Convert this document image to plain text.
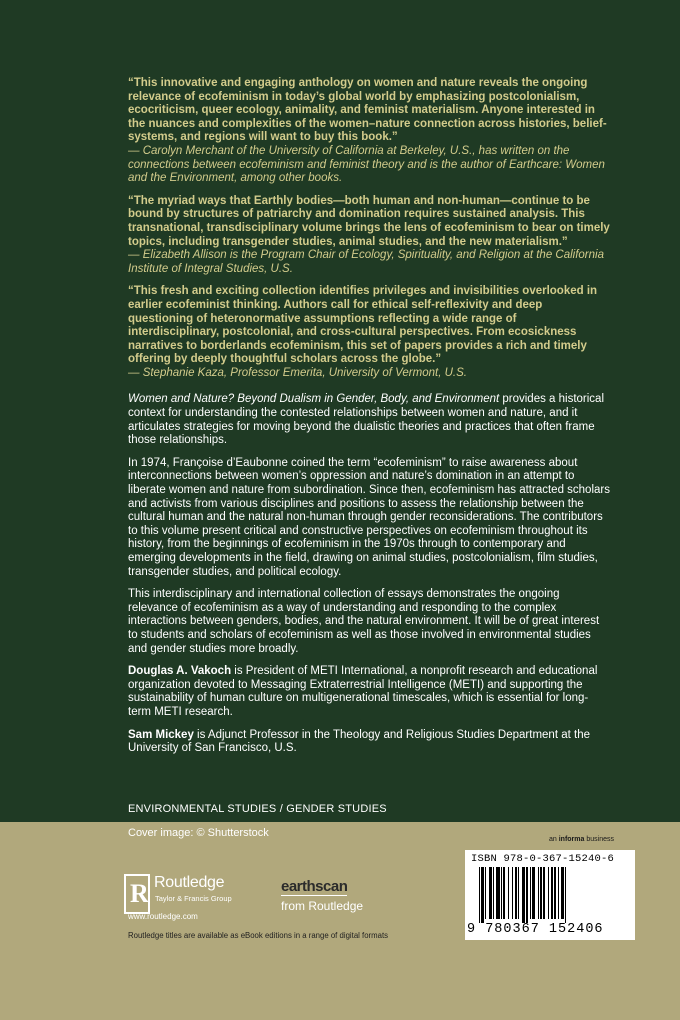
“This innovative and engaging anthology on women and nature reveals the ongoing relevance of ecofeminism in today’s global world by emphasizing postcolonialism, ecocriticism, queer ecology, animality, and feminist materialism. Anyone interested in the nuances and complexities of the women–nature connection across histories, belief-systems, and regions will want to buy this book.”
— Carolyn Merchant of the University of California at Berkeley, U.S., has written on the connections between ecofeminism and feminist theory and is the author of Earthcare: Women and the Environment, among other books.
“The myriad ways that Earthly bodies—both human and non-human—continue to be bound by structures of patriarchy and domination requires sustained analysis. This transnational, transdisciplinary volume brings the lens of ecofeminism to bear on timely topics, including transgender studies, animal studies, and the new materialism.”
— Elizabeth Allison is the Program Chair of Ecology, Spirituality, and Religion at the California Institute of Integral Studies, U.S.
“This fresh and exciting collection identifies privileges and invisibilities overlooked in earlier ecofeminist thinking. Authors call for ethical self-reflexivity and deep questioning of heteronormative assumptions reflecting a wide range of interdisciplinary, postcolonial, and cross-cultural perspectives. From ecosickness narratives to borderlands ecofeminism, this set of papers provides a rich and timely offering by deeply thoughtful scholars across the globe.”
— Stephanie Kaza, Professor Emerita, University of Vermont, U.S.

Women and Nature? Beyond Dualism in Gender, Body, and Environment provides a historical context for understanding the contested relationships between women and nature, and it articulates strategies for moving beyond the dualistic theories and practices that often frame those relationships.

In 1974, Françoise d’Eaubonne coined the term “ecofeminism” to raise awareness about interconnections between women’s oppression and nature’s domination in an attempt to liberate women and nature from subordination. Since then, ecofeminism has attracted scholars and activists from various disciplines and positions to assess the relationship between the cultural human and the natural non-human through gender reconsiderations. The contributors to this volume present critical and constructive perspectives on ecofeminism throughout its history, from the beginnings of ecofeminism in the 1970s through to contemporary and emerging developments in the field, drawing on animal studies, postcolonialism, film studies, transgender studies, and political ecology.

This interdisciplinary and international collection of essays demonstrates the ongoing relevance of ecofeminism as a way of understanding and responding to the complex interactions between genders, bodies, and the natural environment. It will be of great interest to students and scholars of ecofeminism as well as those involved in environmental studies and gender studies more broadly.

Douglas A. Vakoch is President of METI International, a nonprofit research and educational organization devoted to Messaging Extraterrestrial Intelligence (METI) and supporting the sustainability of human culture on multigenerational timescales, which is essential for long-term METI research.

Sam Mickey is Adjunct Professor in the Theology and Religious Studies Department at the University of San Francisco, U.S.

ENVIRONMENTAL STUDIES / GENDER STUDIES
Cover image: © Shutterstock
an informa business
R Routledge
Taylor & Francis Group
www.routledge.com
earthscan
from Routledge
Routledge titles are available as eBook editions in a range of digital formats
ISBN 978-0-367-15240-6
9 780367 152406
